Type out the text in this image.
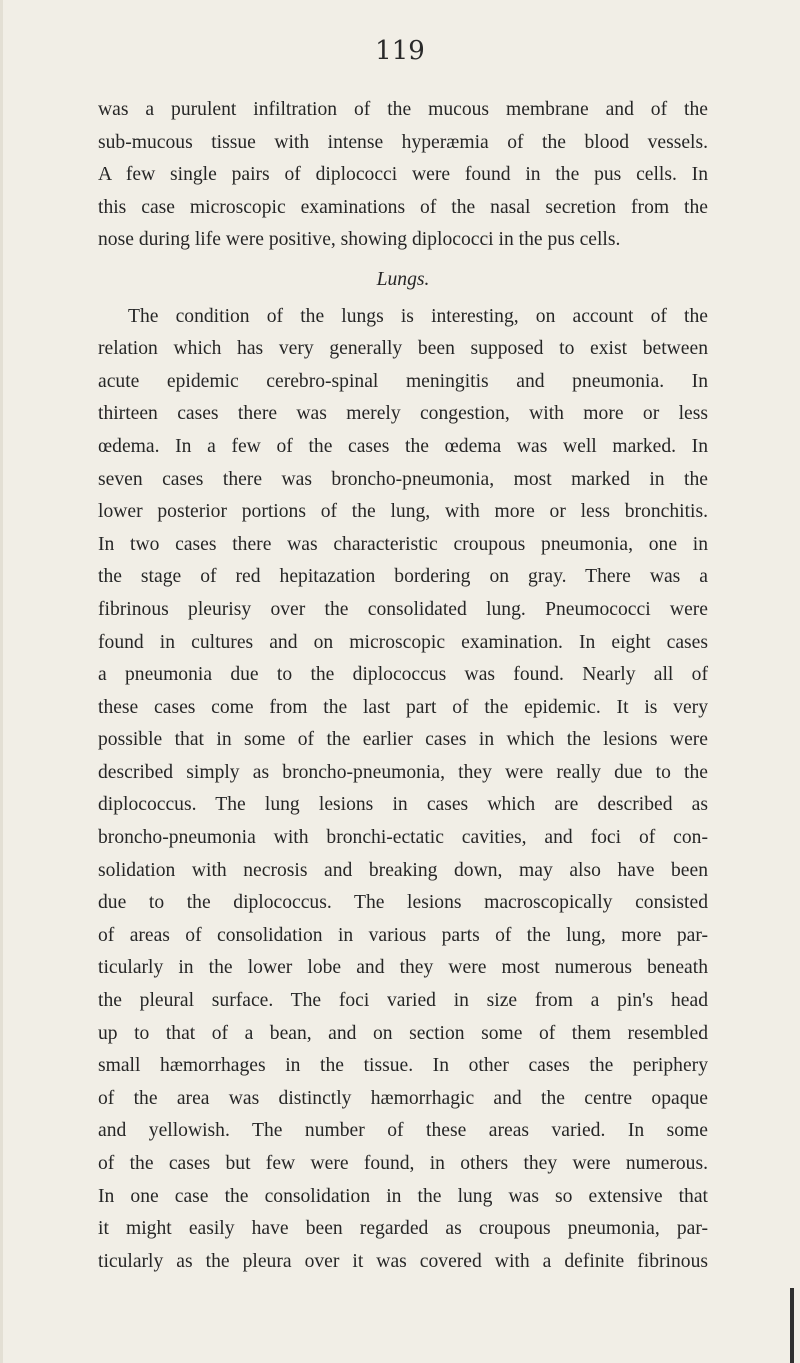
119
was a purulent infiltration of the mucous membrane and of the
sub-mucous tissue with intense hyperæmia of the blood vessels.
A few single pairs of diplococci were found in the pus cells. In
this case microscopic examinations of the nasal secretion from the
nose during life were positive, showing diplococci in the pus cells.
Lungs.
The condition of the lungs is interesting, on account of the
relation which has very generally been supposed to exist between
acute epidemic cerebro-spinal meningitis and pneumonia. In
thirteen cases there was merely congestion, with more or less
œdema. In a few of the cases the œdema was well marked. In
seven cases there was broncho-pneumonia, most marked in the
lower posterior portions of the lung, with more or less bronchitis.
In two cases there was characteristic croupous pneumonia, one in
the stage of red hepitazation bordering on gray. There was a
fibrinous pleurisy over the consolidated lung. Pneumococci were
found in cultures and on microscopic examination. In eight cases
a pneumonia due to the diplococcus was found. Nearly all of
these cases come from the last part of the epidemic. It is very
possible that in some of the earlier cases in which the lesions were
described simply as broncho-pneumonia, they were really due to the
diplococcus. The lung lesions in cases which are described as
broncho-pneumonia with bronchi-ectatic cavities, and foci of con-
solidation with necrosis and breaking down, may also have been
due to the diplococcus. The lesions macroscopically consisted
of areas of consolidation in various parts of the lung, more par-
ticularly in the lower lobe and they were most numerous beneath
the pleural surface. The foci varied in size from a pin's head
up to that of a bean, and on section some of them resembled
small hæmorrhages in the tissue. In other cases the periphery
of the area was distinctly hæmorrhagic and the centre opaque
and yellowish. The number of these areas varied. In some
of the cases but few were found, in others they were numerous.
In one case the consolidation in the lung was so extensive that
it might easily have been regarded as croupous pneumonia, par-
ticularly as the pleura over it was covered with a definite fibrinous
